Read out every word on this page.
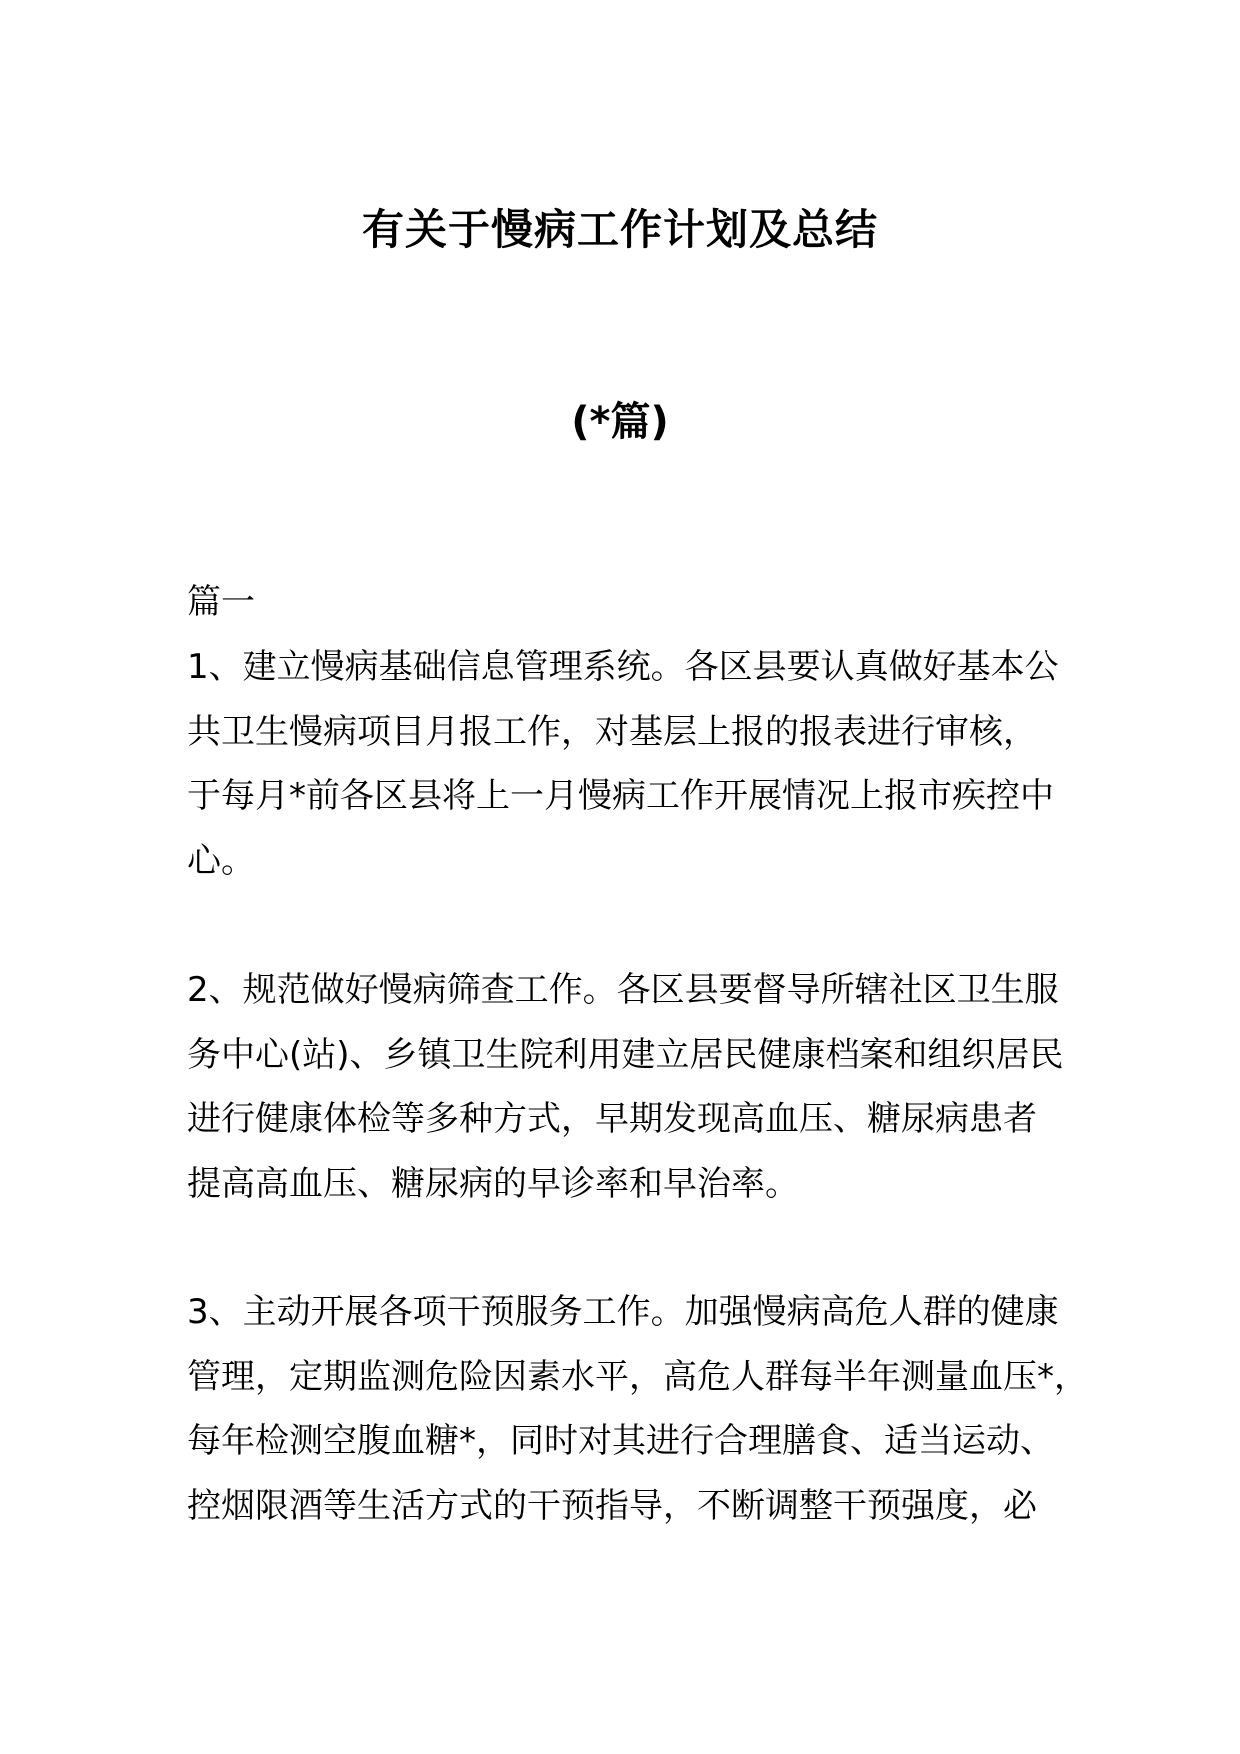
有关于慢病工作计划及总结
(*篇)
篇一
1、建立慢病基础信息管理系统。各区县要认真做好基本公
共卫生慢病项目月报工作，对基层上报的报表进行审核，
于每月*前各区县将上一月慢病工作开展情况上报市疾控中
心。
2、规范做好慢病筛查工作。各区县要督导所辖社区卫生服
务中心(站)、乡镇卫生院利用建立居民健康档案和组织居民
进行健康体检等多种方式，早期发现高血压、糖尿病患者
提高高血压、糖尿病的早诊率和早治率。
3、主动开展各项干预服务工作。加强慢病高危人群的健康
管理，定期监测危险因素水平，高危人群每半年测量血压*，
每年检测空腹血糖*，同时对其进行合理膳食、适当运动、
控烟限酒等生活方式的干预指导，不断调整干预强度，必
